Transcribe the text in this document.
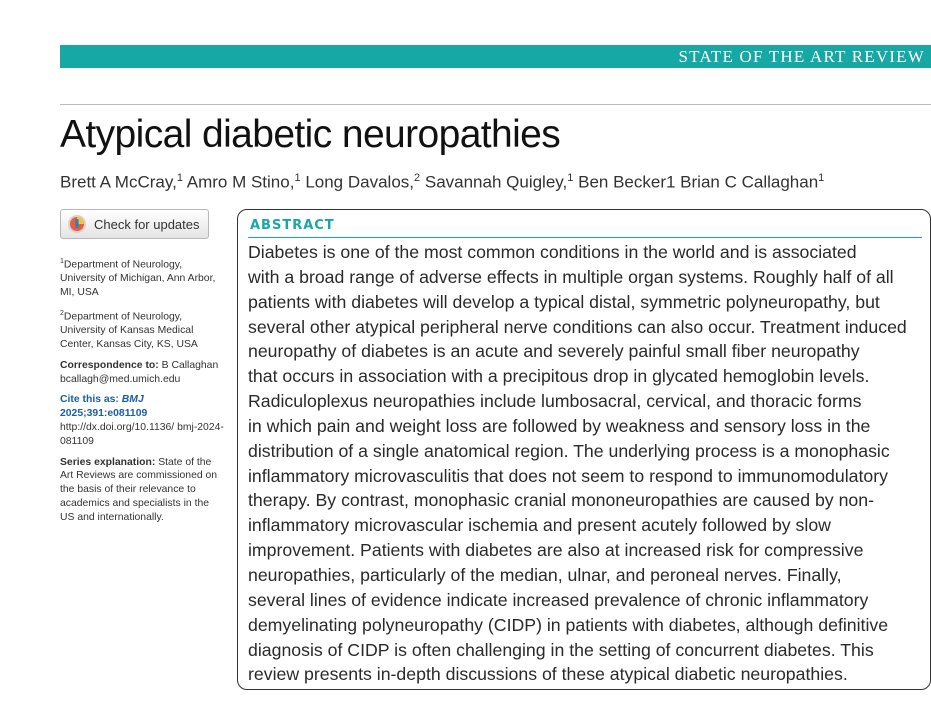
STATE OF THE ART REVIEW
Atypical diabetic neuropathies
Brett A McCray,$^1$ Amro M Stino,$^1$ Long Davalos,$^2$ Savannah Quigley,$^1$ Ben Becker1 Brian C Callaghan$^1$
Check for updates

$^1$Department of Neurology, University of Michigan, Ann Arbor, MI, USA

$^2$Department of Neurology, University of Kansas Medical Center, Kansas City, KS, USA

Correspondence to: B Callaghan
bcallagh@med.umich.edu

Cite this as: BMJ 2025;391:e081109
http://dx.doi.org/10.1136/ bmj-2024-081109

Series explanation: State of the Art Reviews are commissioned on the basis of their relevance to academics and specialists in the US and internationally.

ABSTRACT
Diabetes is one of the most common conditions in the world and is associated
with a broad range of adverse effects in multiple organ systems. Roughly half of all
patients with diabetes will develop a typical distal, symmetric polyneuropathy, but
several other atypical peripheral nerve conditions can also occur. Treatment induced
neuropathy of diabetes is an acute and severely painful small fiber neuropathy
that occurs in association with a precipitous drop in glycated hemoglobin levels.
Radiculoplexus neuropathies include lumbosacral, cervical, and thoracic forms
in which pain and weight loss are followed by weakness and sensory loss in the
distribution of a single anatomical region. The underlying process is a monophasic
inflammatory microvasculitis that does not seem to respond to immunomodulatory
therapy. By contrast, monophasic cranial mononeuropathies are caused by non-
inflammatory microvascular ischemia and present acutely followed by slow
improvement. Patients with diabetes are also at increased risk for compressive
neuropathies, particularly of the median, ulnar, and peroneal nerves. Finally,
several lines of evidence indicate increased prevalence of chronic inflammatory
demyelinating polyneuropathy (CIDP) in patients with diabetes, although definitive
diagnosis of CIDP is often challenging in the setting of concurrent diabetes. This
review presents in-depth discussions of these atypical diabetic neuropathies.
